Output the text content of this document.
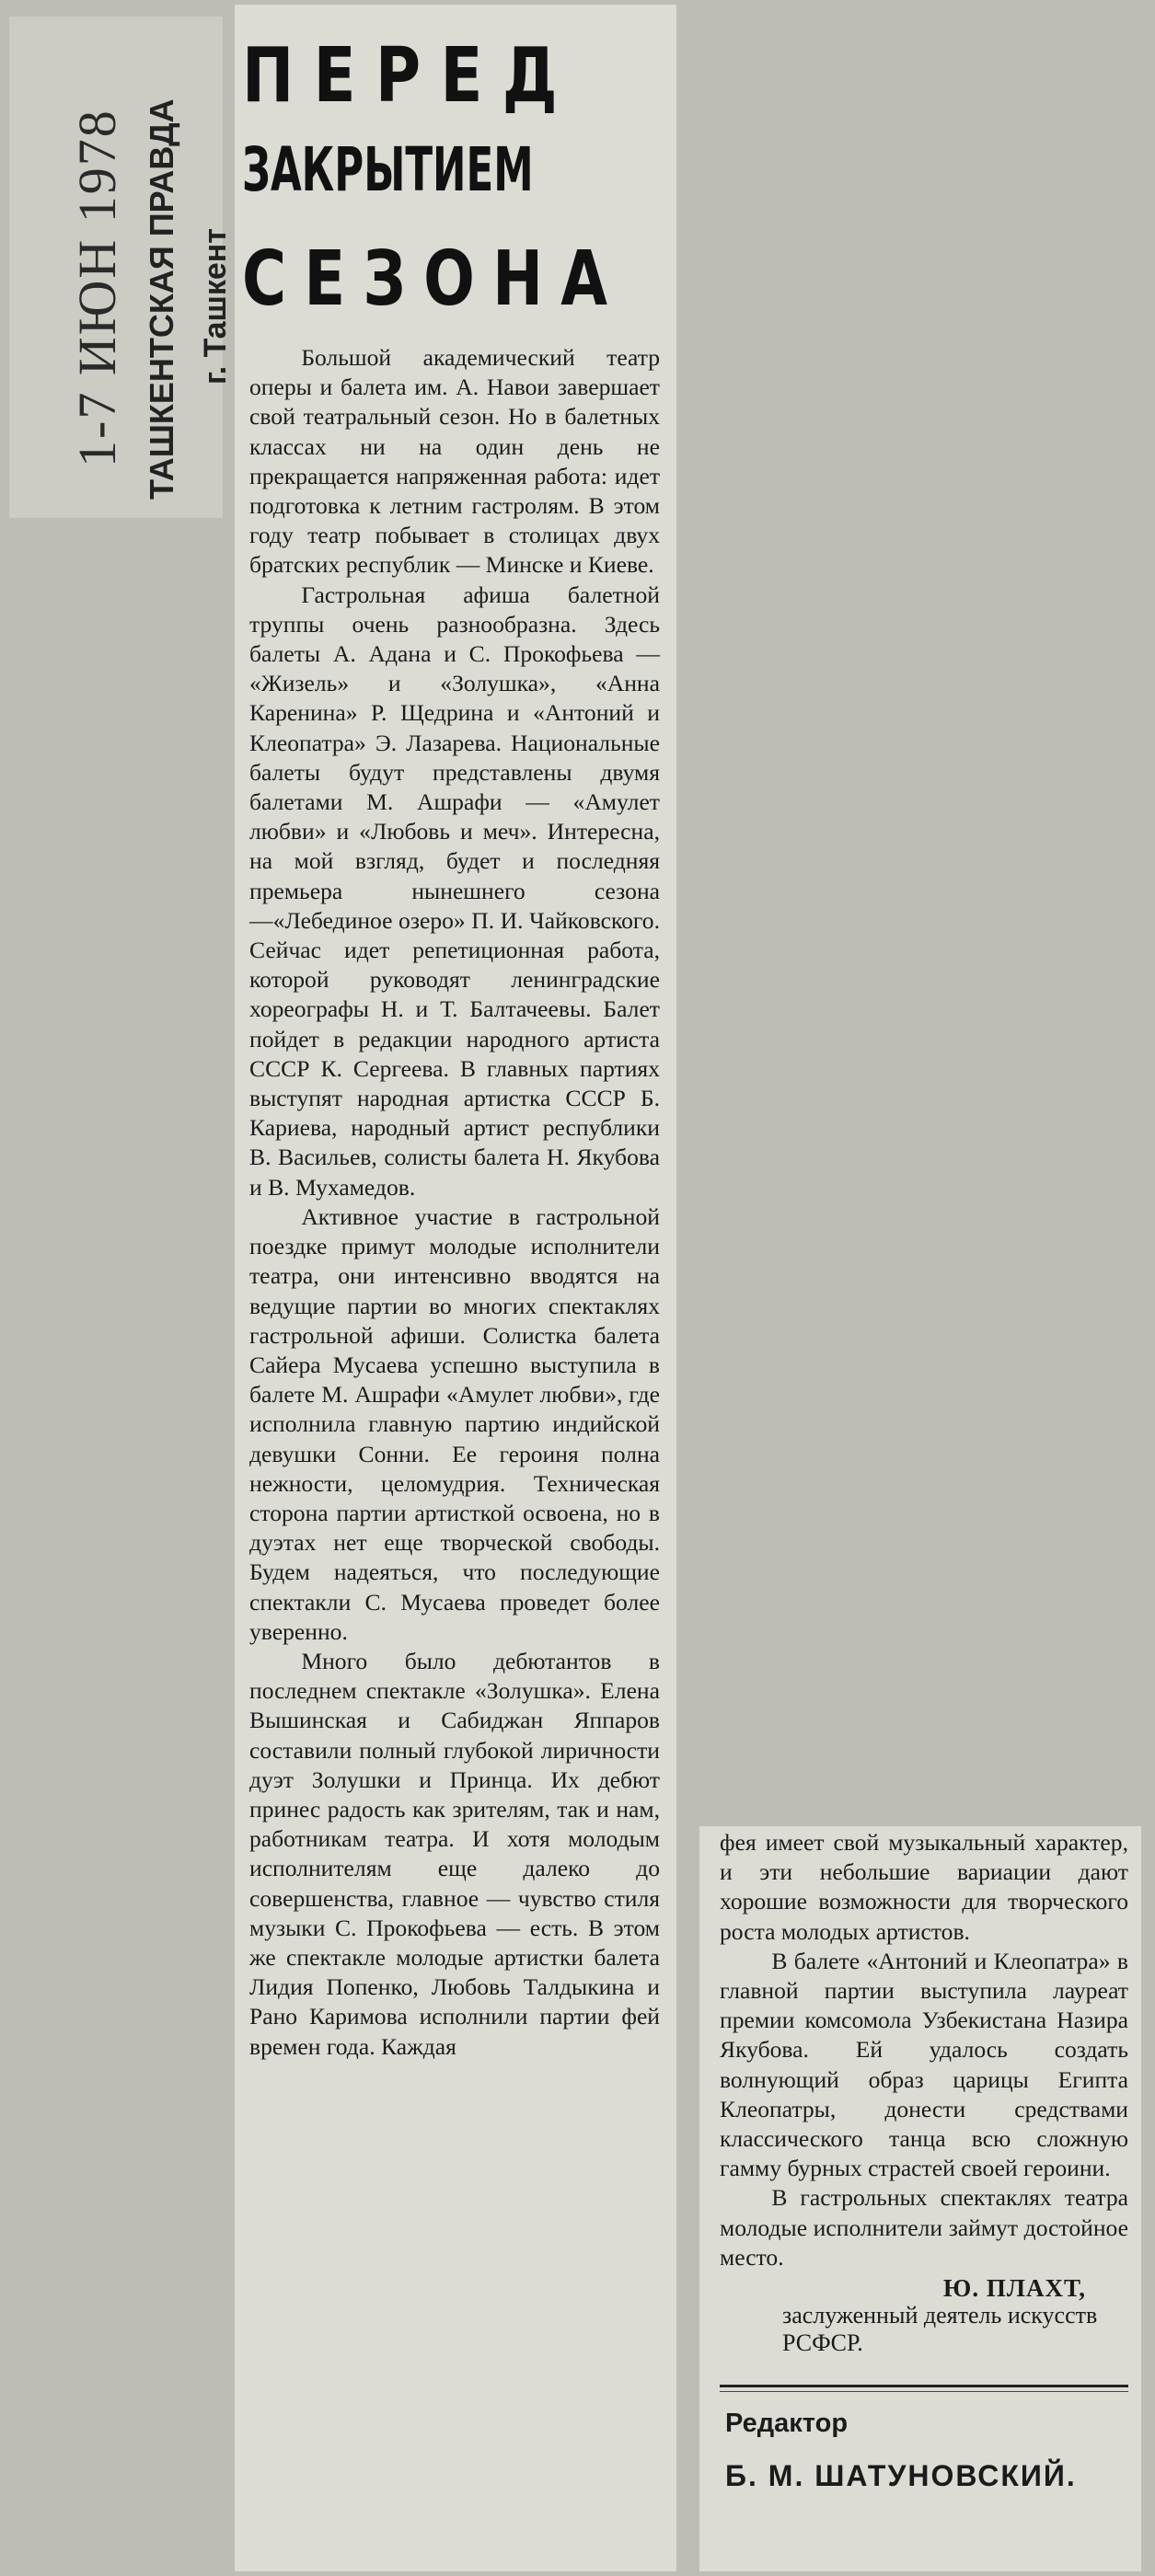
1-7 ИЮН 1978 ТАШКЕНТСКАЯ ПРАВДА г. Ташкент
ПЕРЕД
ЗАКРЫТИЕМ
СЕЗОНА

Большой академический театр оперы и балета им. А. Навои завершает свой театральный сезон. Но в балетных классах ни на один день не прекращается напряженная работа: идет подготовка к летним гастролям. В этом году театр побывает в столицах двух братских республик — Минске и Киеве.

Гастрольная афиша балетной труппы очень разнообразна. Здесь балеты А. Адана и С. Прокофьева — «Жизель» и «Золушка», «Анна Каренина» Р. Щедрина и «Антоний и Клеопатра» Э. Лазарева. Национальные балеты будут представлены двумя балетами М. Ашрафи — «Амулет любви» и «Любовь и меч». Интересна, на мой взгляд, будет и последняя премьера нынешнего сезона—«Лебединое озеро» П. И. Чайковского. Сейчас идет репетиционная работа, которой руководят ленинградские хореографы Н. и Т. Балтачеевы. Балет пойдет в редакции народного артиста СССР К. Сергеева. В главных партиях выступят народная артистка СССР Б. Кариева, народный артист республики В. Васильев, солисты балета Н. Якубова и В. Мухамедов.

Активное участие в гастрольной поездке примут молодые исполнители театра, они интенсивно вводятся на ведущие партии во многих спектаклях гастрольной афиши. Солистка балета Сайера Мусаева успешно выступила в балете М. Ашрафи «Амулет любви», где исполнила главную партию индийской девушки Сонни. Ее героиня полна нежности, целомудрия. Техническая сторона партии артисткой освоена, но в дуэтах нет еще творческой свободы. Будем надеяться, что последующие спектакли С. Мусаева проведет более уверенно.

Много было дебютантов в последнем спектакле «Золушка». Елена Вышинская и Сабиджан Яппаров составили полный глубокой лиричности дуэт Золушки и Принца. Их дебют принес радость как зрителям, так и нам, работникам театра. И хотя молодым исполнителям еще далеко до совершенства, главное — чувство стиля музыки С. Прокофьева — есть. В этом же спектакле молодые артистки балета Лидия Попенко, Любовь Талдыкина и Рано Каримова исполнили партии фей времен года. Каждая

фея имеет свой музыкальный характер, и эти небольшие вариации дают хорошие возможности для творческого роста молодых артистов.

В балете «Антоний и Клеопатра» в главной партии выступила лауреат премии комсомола Узбекистана Назира Якубова. Ей удалось создать волнующий образ царицы Египта Клеопатры, донести средствами классического танца всю сложную гамму бурных страстей своей героини.

В гастрольных спектаклях театра молодые исполнители займут достойное место.

Ю. ПЛАХТ,
заслуженный деятель искусств РСФСР.
Редактор
Б. М. ШАТУНОВСКИЙ.
